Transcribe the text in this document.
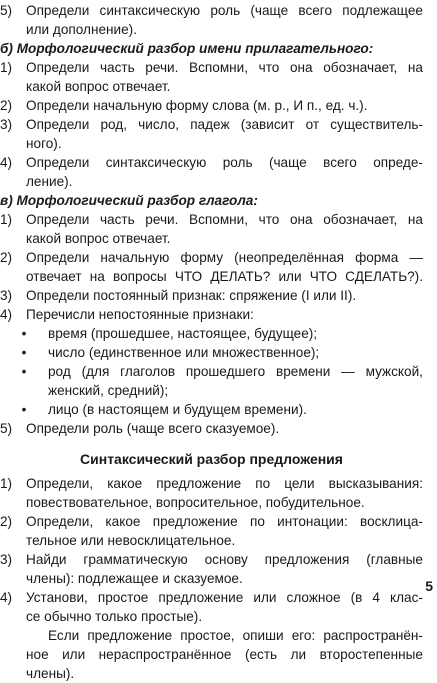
5)	Определи синтаксическую роль (чаще всего подлежащее
или дополнение).
б) Морфологический разбор имени прилагательного:
1)	Определи часть речи. Вспомни, что она обозначает, на
какой вопрос отвечает.
2)	Определи начальную форму слова (м. р., И п., ед. ч.).
3)	Определи род, число, падеж (зависит от существитель-
ного).
4)	Определи синтаксическую роль (чаще всего опреде-
ление).
в) Морфологический разбор глагола:
1)	Определи часть речи. Вспомни, что она обозначает, на
какой вопрос отвечает.
2)	Определи начальную форму (неопределённая форма —
отвечает на вопросы ЧТО ДЕЛАТЬ? или ЧТО СДЕЛАТЬ?).
3)	Определи постоянный признак: спряжение (I или II).
4)	Перечисли непостоянные признаки:
•	время (прошедшее, настоящее, будущее);
•	число (единственное или множественное);
•	род (для глаголов прошедшего времени — мужской,
женский, средний);
•	лицо (в настоящем и будущем времени).
5)	Определи роль (чаще всего сказуемое).
Синтаксический разбор предложения
1)	Определи, какое предложение по цели высказывания:
повествовательное, вопросительное, побудительное.
2)	Определи, какое предложение по интонации: восклица-
тельное или невосклицательное.
3)	Найди грамматическую основу предложения (главные
члены): подлежащее и сказуемое.
4)	Установи, простое предложение или сложное (в 4 клас-
се обычно только простые).
Если предложение простое, опиши его: распространён-
ное или нераспространённое (есть ли второстепенные
члены).
5
